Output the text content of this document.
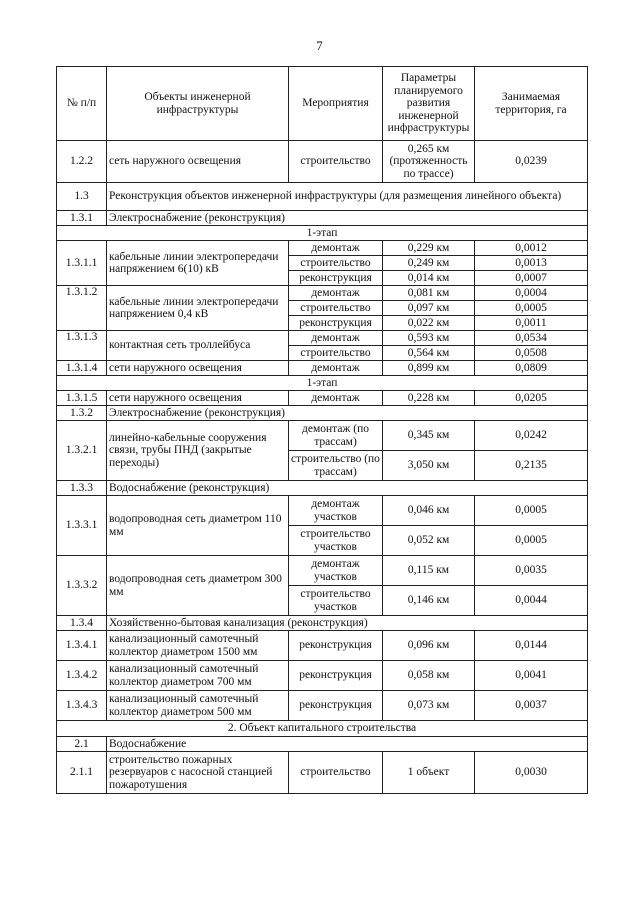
7
№ п/п	Объекты инженерной инфраструктуры	Мероприятия	Параметры планируемого развития инженерной инфраструктуры	Занимаемая территория, га
1.2.2	сеть наружного освещения	строительство	0,265 км (протяженность по трассе)	0,0239
1.3	Реконструкция объектов инженерной инфраструктуры (для размещения линейного объекта)			
1.3.1	Электроснабжение (реконструкция)			
1-этап				
1.3.1.1	кабельные линии электропередачи напряжением 6(10) кВ	демонтаж	0,229 км	0,0012
		строительство	0,249 км	0,0013
		реконструкция	0,014 км	0,0007
1.3.1.2	кабельные линии электропередачи напряжением 0,4 кВ	демонтаж	0,081 км	0,0004
		строительство	0,097 км	0,0005
		реконструкция	0,022 км	0,0011
1.3.1.3	контактная сеть троллейбуса	демонтаж	0,593 км	0,0534
		строительство	0,564 км	0,0508
1.3.1.4	сети наружного освещения	демонтаж	0,899 км	0,0809
1-этап				
1.3.1.5	сети наружного освещения	демонтаж	0,228 км	0,0205
1.3.2	Электроснабжение (реконструкция)			
1.3.2.1	линейно-кабельные сооружения связи, трубы ПНД (закрытые переходы)	демонтаж (по трассам)	0,345 км	0,0242
		строительство (по трассам)	3,050 км	0,2135
1.3.3	Водоснабжение (реконструкция)			
1.3.3.1	водопроводная сеть диаметром 110 мм	демонтаж участков	0,046 км	0,0005
		строительство участков	0,052 км	0,0005
1.3.3.2	водопроводная сеть диаметром 300 мм	демонтаж участков	0,115 км	0,0035
		строительство участков	0,146 км	0,0044
1.3.4	Хозяйственно-бытовая канализация (реконструкция)			
1.3.4.1	канализационный самотечный коллектор диаметром 1500 мм	реконструкция	0,096 км	0,0144
1.3.4.2	канализационный самотечный коллектор диаметром 700 мм	реконструкция	0,058 км	0,0041
1.3.4.3	канализационный самотечный коллектор диаметром 500 мм	реконструкция	0,073 км	0,0037
2. Объект капитального строительства				
2.1	Водоснабжение			
2.1.1	строительство пожарных резервуаров с насосной станцией пожаротушения	строительство	1 объект	0,0030
